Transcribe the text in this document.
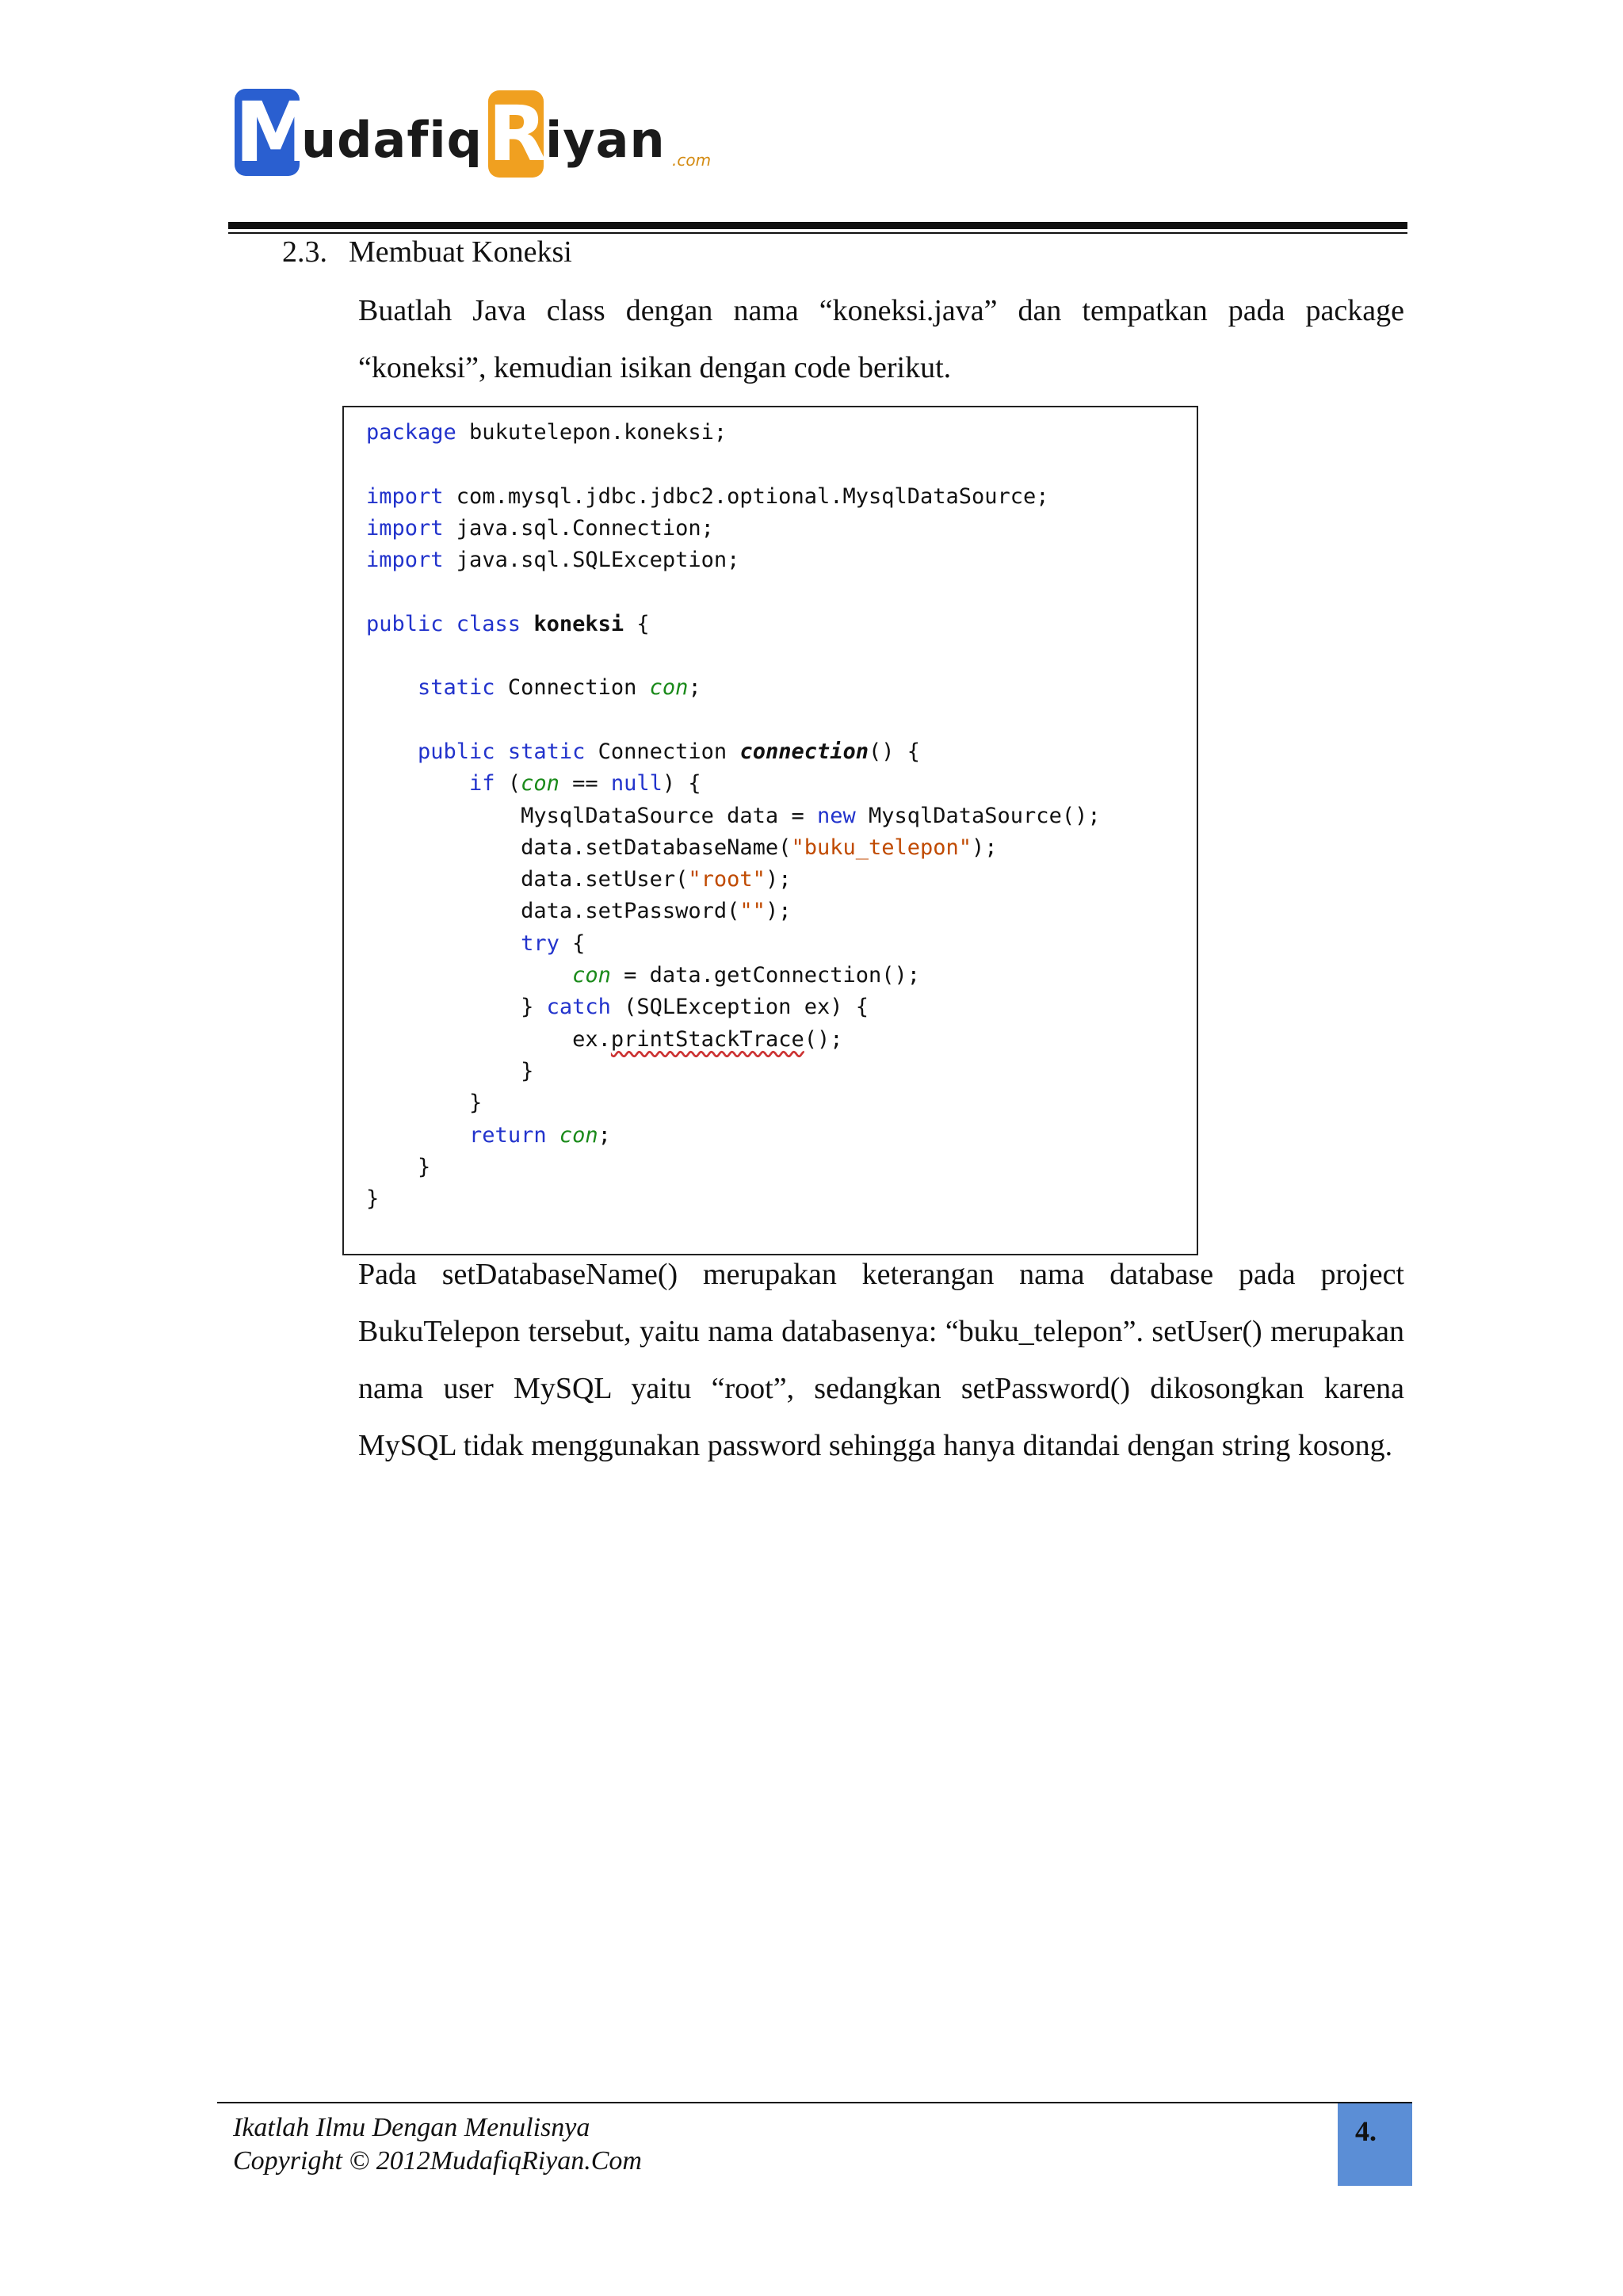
M
udafiq R
iyan .com
2.3. Membuat Koneksi
Buatlah Java class dengan nama “koneksi.java” dan tempatkan pada package “koneksi”, kemudian isikan dengan code berikut.
package bukutelepon.koneksi;

import com.mysql.jdbc.jdbc2.optional.MysqlDataSource;
import java.sql.Connection;
import java.sql.SQLException;

public class koneksi {

static Connection con;

public static Connection connection() {
if (con == null) {
MysqlDataSource data = new MysqlDataSource();
data.setDatabaseName("buku_telepon");
data.setUser("root");
data.setPassword("");
try {
con = data.getConnection();
} catch (SQLException ex) {
ex.printStackTrace();
}
}
return con;
}
}
Pada setDatabaseName() merupakan keterangan nama database pada project BukuTelepon tersebut, yaitu nama databasenya: “buku_telepon”. setUser() merupakan nama user MySQL yaitu “root”, sedangkan setPassword() dikosongkan karena MySQL tidak menggunakan password sehingga hanya ditandai dengan string kosong.
Ikatlah Ilmu Dengan Menulisnya
Copyright © 2012MudafiqRiyan.Com
4.
